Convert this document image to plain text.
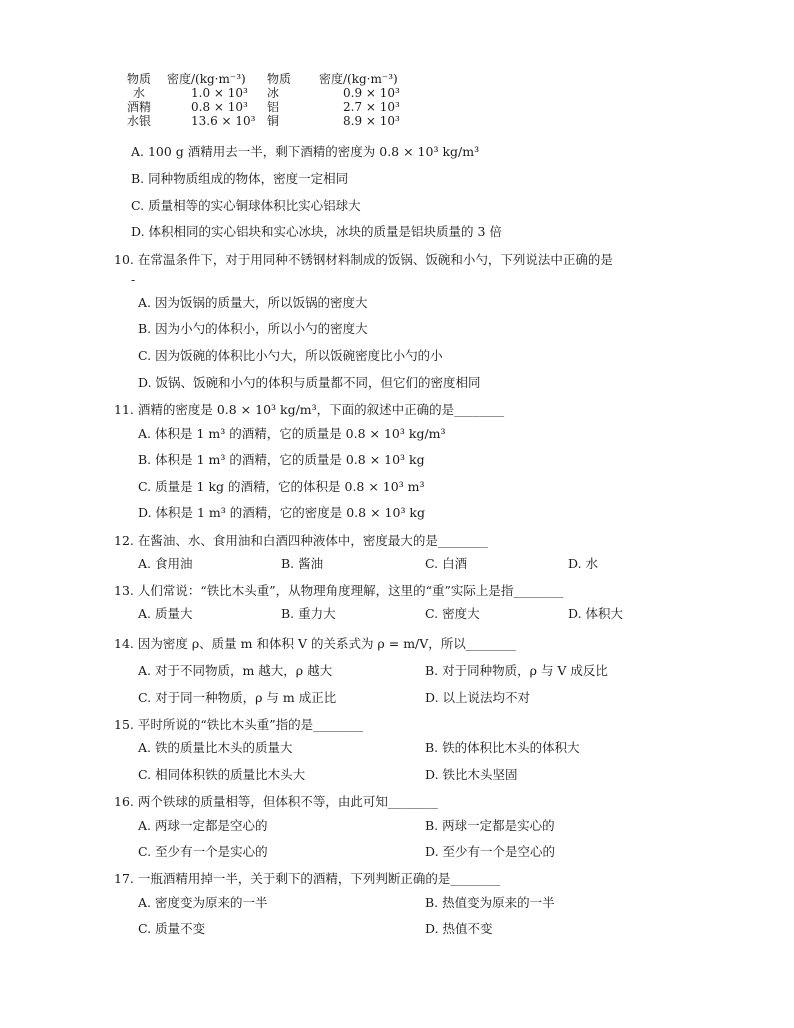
物质	密度/(kg·m⁻³)	物质	密度/(kg·m⁻³)
水	1.0 × 10³	冰	0.9 × 10³
酒精	0.8 × 10³	铝	2.7 × 10³
水银	13.6 × 10³ 铜	8.9 × 10³
A. 100 g 酒精用去一半，剩下酒精的密度为 0.8 × 10³ kg/m³
B. 同种物质组成的物体，密度一定相同
C. 质量相等的实心铜球体积比实心铝球大
D. 体积相同的实心铝块和实心冰块，冰块的质量是铝块质量的 3 倍
10. 在常温条件下，对于用同种不锈钢材料制成的饭锅、饭碗和小勺，下列说法中正确的是
-
A. 因为饭锅的质量大，所以饭锅的密度大
B. 因为小勺的体积小，所以小勺的密度大
C. 因为饭碗的体积比小勺大，所以饭碗密度比小勺的小
D. 饭锅、饭碗和小勺的体积与质量都不同，但它们的密度相同
11. 酒精的密度是 0.8 × 10³ kg/m³，下面的叙述中正确的是________
A. 体积是 1 m³ 的酒精，它的质量是 0.8 × 10³ kg/m³
B. 体积是 1 m³ 的酒精，它的质量是 0.8 × 10³ kg
C. 质量是 1 kg 的酒精，它的体积是 0.8 × 10³ m³
D. 体积是 1 m³ 的酒精，它的密度是 0.8 × 10³ kg
12. 在酱油、水、食用油和白酒四种液体中，密度最大的是________
A. 食用油	B. 酱油	C. 白酒	D. 水
13. 人们常说：“铁比木头重”，从物理角度理解，这里的“重”实际上是指________
A. 质量大	B. 重力大	C. 密度大	D. 体积大
14. 因为密度 ρ、质量 m 和体积 V 的关系式为 ρ = m/V，所以________
A. 对于不同物质，m 越大，ρ 越大	B. 对于同种物质，ρ 与 V 成反比
C. 对于同一种物质，ρ 与 m 成正比	D. 以上说法均不对
15. 平时所说的“铁比木头重”指的是________
A. 铁的质量比木头的质量大	B. 铁的体积比木头的体积大
C. 相同体积铁的质量比木头大	D. 铁比木头坚固
16. 两个铁球的质量相等，但体积不等，由此可知________
A. 两球一定都是空心的	B. 两球一定都是实心的
C. 至少有一个是实心的	D. 至少有一个是空心的
17. 一瓶酒精用掉一半，关于剩下的酒精，下列判断正确的是________
A. 密度变为原来的一半	B. 热值变为原来的一半
C. 质量不变	D. 热值不变
